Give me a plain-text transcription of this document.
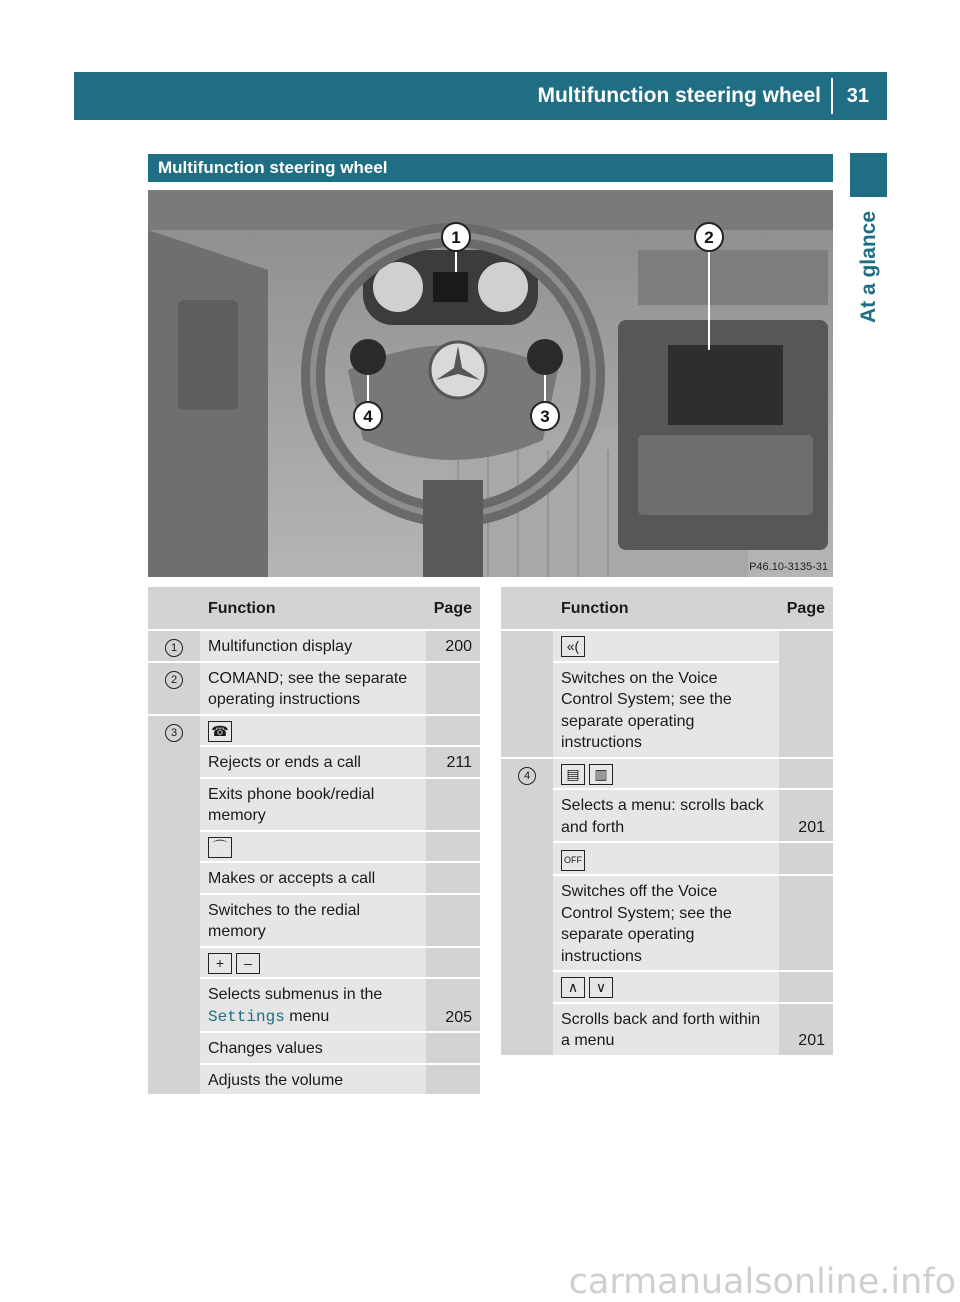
Multifunction steering wheel 31
At a glance
Multifunction steering wheel
1	2
3
4
P46.10-3135-31
	Function	Page
1	Multifunction display	200
2	COMAND; see the separate operating instructions	
3	☎	
	Rejects or ends a call	211
	Exits phone book/redial memory	
	⌒	
	Makes or accepts a call	
	Switches to the redial memory	
	+ –	
	Selects submenus in the
Settings menu	205
	Changes values	
	Adjusts the volume	
	Function	Page
	«(	
	Switches on the Voice Control System; see the separate operating instructions	
4	▤ ▥	
	Selects a menu: scrolls back and forth	201
	OFF	
	Switches off the Voice Control System; see the separate operating instructions	
	∧ ∨	
	Scrolls back and forth within a menu	201
carmanualsonline.info
